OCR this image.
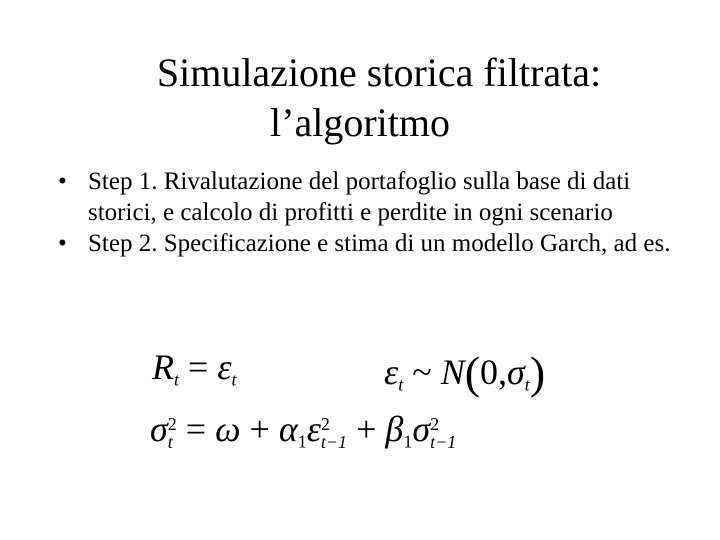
Simulazione storica filtrata:
l’algoritmo
• Step 1. Rivalutazione del portafoglio sulla base di dati storici, e calcolo di profitti e perdite in ogni scenario
• Step 2. Specificazione e stima di un modello Garch, ad es.
$R_t = \varepsilon_t$	$\varepsilon_t$ ~ $N(0,\sigma_t)$
σ 2
$t = \omega + \alpha_1\varepsilon$ 2
$t-1 + \beta_1\sigma$ 2
t−1
